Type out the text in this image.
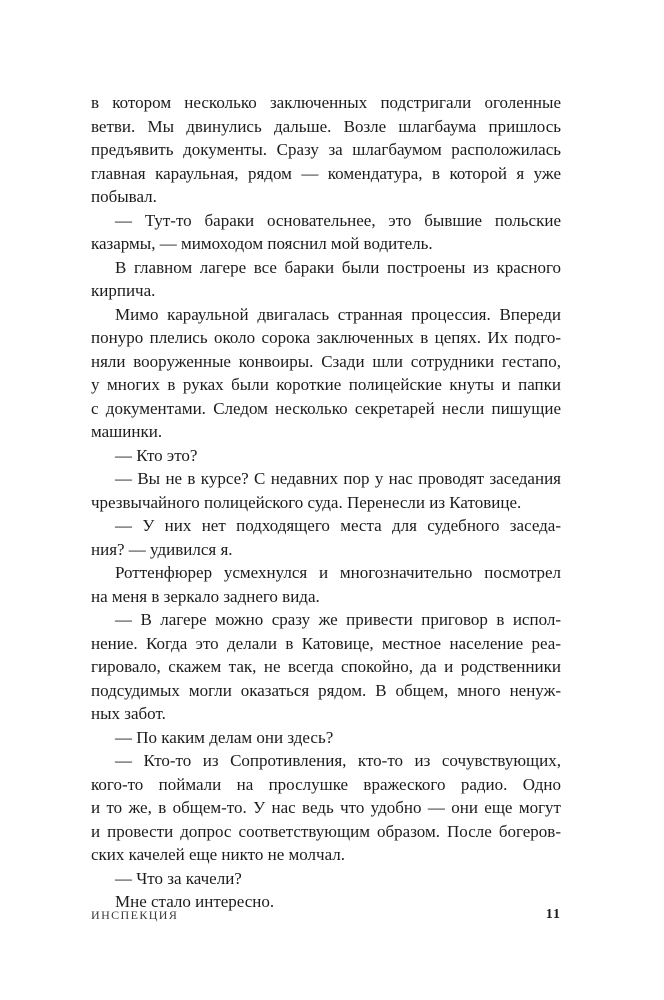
в котором несколько заключенных подстригали оголенные
ветви. Мы двинулись дальше. Возле шлагбаума пришлось
предъявить документы. Сразу за шлагбаумом расположилась
главная караульная, рядом — комендатура, в которой я уже
побывал.
— Тут-то бараки основательнее, это бывшие польские
казармы, — мимоходом пояснил мой водитель.
В главном лагере все бараки были построены из красного
кирпича.
Мимо караульной двигалась странная процессия. Впереди
понуро плелись около сорока заключенных в цепях. Их подго-
няли вооруженные конвоиры. Сзади шли сотрудники гестапо,
у многих в руках были короткие полицейские кнуты и папки
с документами. Следом несколько секретарей несли пишущие
машинки.
— Кто это?
— Вы не в курсе? С недавних пор у нас проводят заседания
чрезвычайного полицейского суда. Перенесли из Катовице.
— У них нет подходящего места для судебного заседа-
ния? — удивился я.
Роттенфюрер усмехнулся и многозначительно посмотрел
на меня в зеркало заднего вида.
— В лагере можно сразу же привести приговор в испол-
нение. Когда это делали в Катовице, местное население реа-
гировало, скажем так, не всегда спокойно, да и родственники
подсудимых могли оказаться рядом. В общем, много ненуж-
ных забот.
— По каким делам они здесь?
— Кто-то из Сопротивления, кто-то из сочувствующих,
кого-то поймали на прослушке вражеского радио. Одно
и то же, в общем-то. У нас ведь что удобно — они еще могут
и провести допрос соответствующим образом. После богеров-
ских качелей еще никто не молчал.
— Что за качели?
Мне стало интересно.
ИНСПЕКЦИЯ	11
